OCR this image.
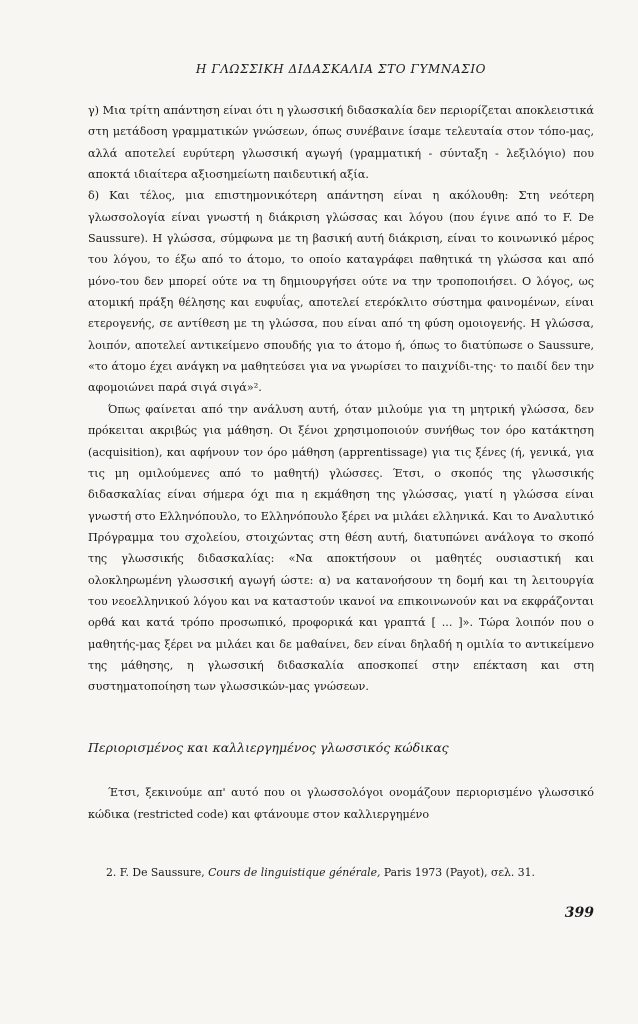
Η ΓΛΩΣΣΙΚΗ ΔΙΔΑΣΚΑΛΙΑ ΣΤΟ ΓΥΜΝΑΣΙΟ

γ) Μια τρίτη απάντηση είναι ότι η γλωσσική διδασκαλία δεν περιορίζεται αποκλειστικά στη μετάδοση γραμματικών γνώσεων, όπως συνέβαινε ίσαμε τελευταία στον τόπο-μας, αλλά αποτελεί ευρύτερη γλωσσική αγωγή (γραμματική - σύνταξη - λεξιλόγιο) που αποκτά ιδιαίτερα αξιοσημείωτη παιδευτική αξία.

δ) Και τέλος, μια επιστημονικότερη απάντηση είναι η ακόλουθη: Στη νεότερη γλωσσολογία είναι γνωστή η διάκριση γλώσσας και λόγου (που έγινε από το F. De Saussure). Η γλώσσα, σύμφωνα με τη βασική αυτή διάκριση, είναι το κοινωνικό μέρος του λόγου, το έξω από το άτομο, το οποίο καταγράφει παθητικά τη γλώσσα και από μόνο-του δεν μπορεί ούτε να τη δημιουργήσει ούτε να την τροποποιήσει. Ο λόγος, ως ατομική πράξη θέλησης και ευφυΐας, αποτελεί ετερόκλιτο σύστημα φαινομένων, είναι ετερογενής, σε αντίθεση με τη γλώσσα, που είναι από τη φύση ομοιογενής. Η γλώσσα, λοιπόν, αποτελεί αντικείμενο σπουδής για το άτομο ή, όπως το διατύπωσε ο Saussure, «το άτομο έχει ανάγκη να μαθητεύσει για να γνωρίσει το παιχνίδι-της· το παιδί δεν την αφομοιώνει παρά σιγά σιγά»².

Όπως φαίνεται από την ανάλυση αυτή, όταν μιλούμε για τη μητρική γλώσσα, δεν πρόκειται ακριβώς για μάθηση. Οι ξένοι χρησιμοποιούν συνήθως τον όρο κατάκτηση (acquisition), και αφήνουν τον όρο μάθηση (apprentissage) για τις ξένες (ή, γενικά, για τις μη ομιλούμενες από το μαθητή) γλώσσες. Έτσι, ο σκοπός της γλωσσικής διδασκαλίας είναι σήμερα όχι πια η εκμάθηση της γλώσσας, γιατί η γλώσσα είναι γνωστή στο Ελληνόπουλο, το Ελληνόπουλο ξέρει να μιλάει ελληνικά. Και το Αναλυτικό Πρόγραμμα του σχολείου, στοιχώντας στη θέση αυτή, διατυπώνει ανάλογα το σκοπό της γλωσσικής διδασκαλίας: «Να αποκτήσουν οι μαθητές ουσιαστική και ολοκληρωμένη γλωσσική αγωγή ώστε: α) να κατανοήσουν τη δομή και τη λειτουργία του νεοελληνικού λόγου και να καταστούν ικανοί να επικοινωνούν και να εκφράζονται ορθά και κατά τρόπο προσωπικό, προφορικά και γραπτά [ ... ]». Τώρα λοιπόν που ο μαθητής-μας ξέρει να μιλάει και δε μαθαίνει, δεν είναι δηλαδή η ομιλία το αντικείμενο της μάθησης, η γλωσσική διδασκαλία αποσκοπεί στην επέκταση και στη συστηματοποίηση των γλωσσικών-μας γνώσεων.

Περιορισμένος και καλλιεργημένος γλωσσικός κώδικας

Έτσι, ξεκινούμε απ' αυτό που οι γλωσσολόγοι ονομάζουν περιορισμένο γλωσσικό κώδικα (restricted code) και φτάνουμε στον καλλιεργημένο

2. F. De Saussure, Cours de linguistique générale, Paris 1973 (Payot), σελ. 31.

399
